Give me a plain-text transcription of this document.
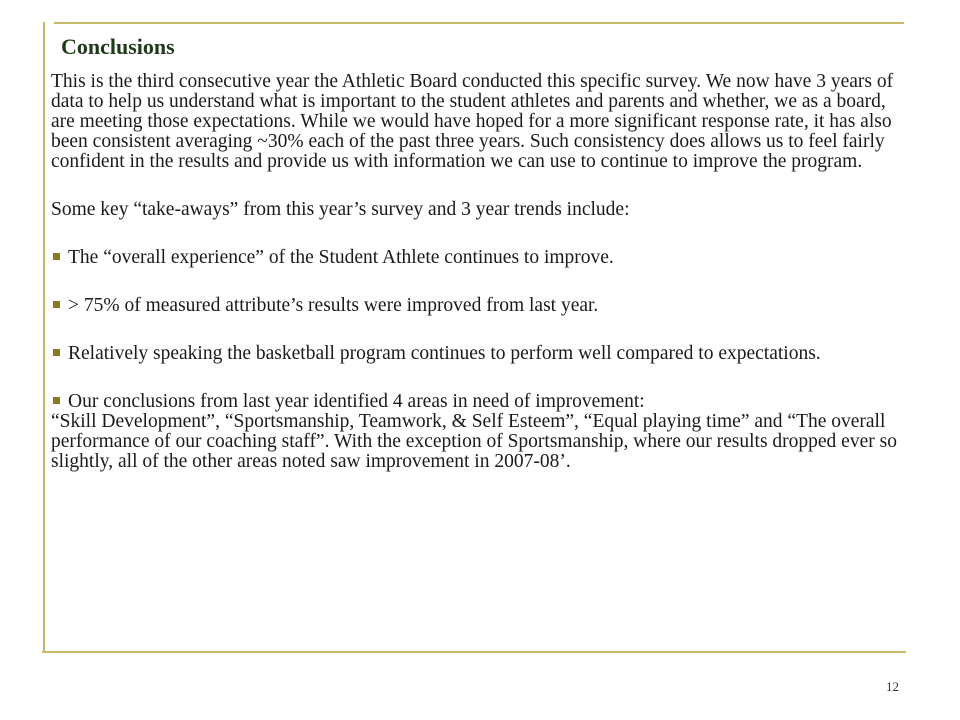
Conclusions

This is the third consecutive year the Athletic Board conducted this specific survey. We now have 3 years of data to help us understand what is important to the student athletes and parents and whether, we as a board, are meeting those expectations. While we would have hoped for a more significant response rate, it has also been consistent averaging ~30% each of the past three years. Such consistency does allows us to feel fairly confident in the results and provide us with information we can use to continue to improve the program.

Some key “take-aways” from this year’s survey and 3 year trends include:

The “overall experience” of the Student Athlete continues to improve.

> 75% of measured attribute’s results were improved from last year.

Relatively speaking the basketball program continues to perform well compared to expectations.

Our conclusions from last year identified 4 areas in need of improvement:

“Skill Development”, “Sportsmanship, Teamwork, & Self Esteem”, “Equal playing time” and “The overall performance of our coaching staff”. With the exception of Sportsmanship, where our results dropped ever so slightly, all of the other areas noted saw improvement in 2007-08’.

12
